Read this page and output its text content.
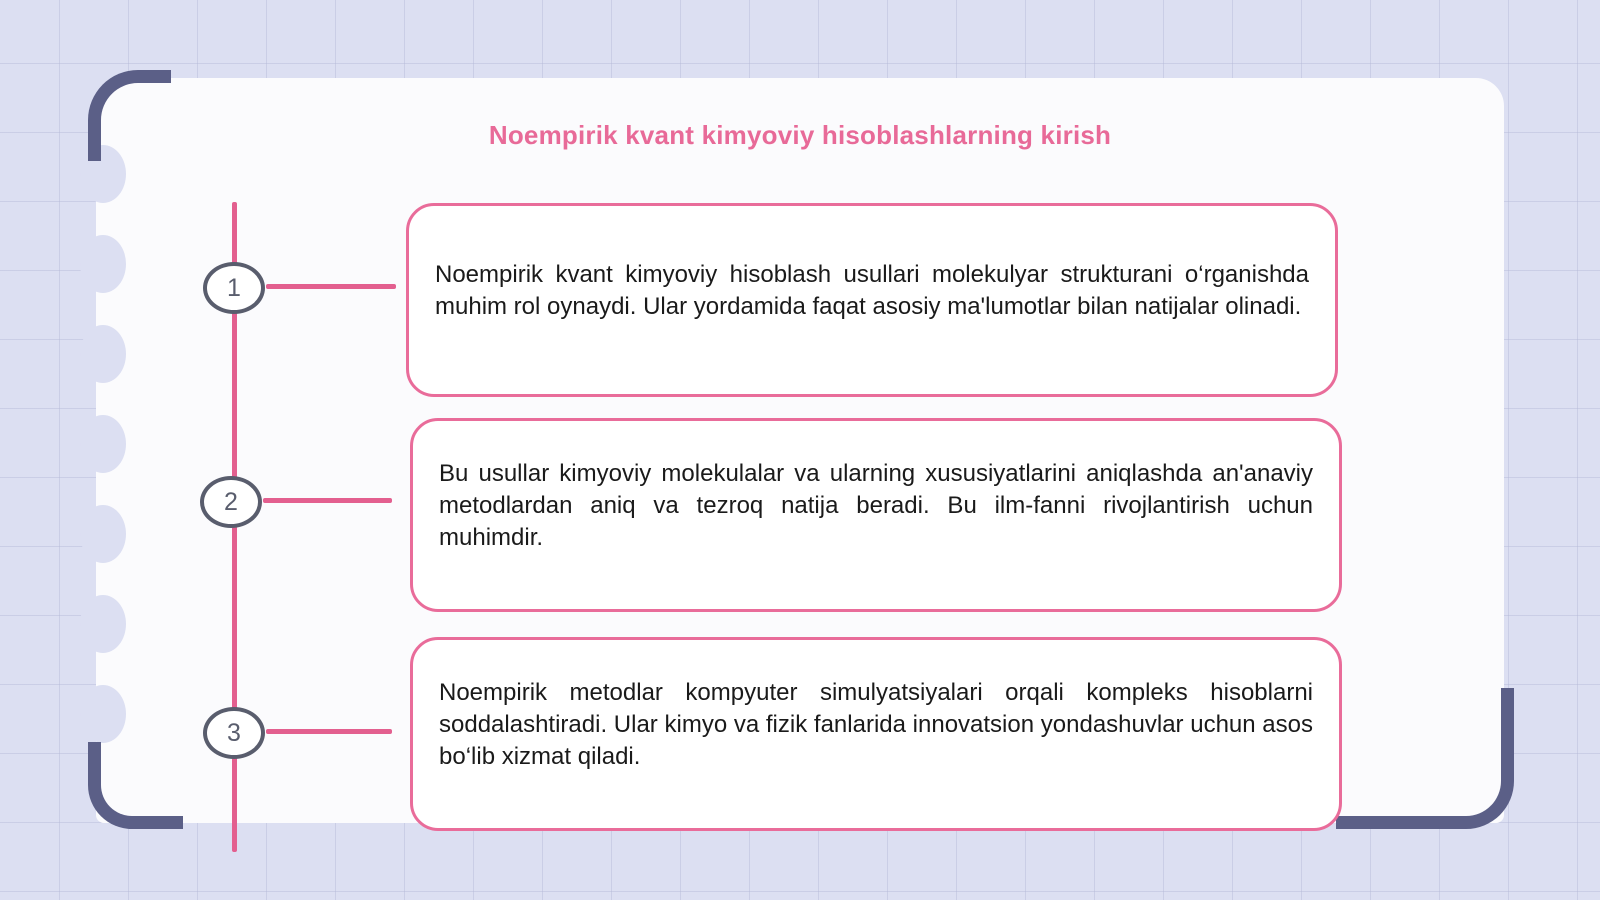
Noempirik kvant kimyoviy hisoblashlarning kirish
1	Noempirik kvant kimyoviy hisoblash usullari molekulyar strukturani o‘rganishda muhim rol oynaydi. Ular yordamida faqat asosiy ma'lumotlar bilan natijalar olinadi.
2
Bu usullar kimyoviy molekulalar va ularning xususiyatlarini aniqlashda an'anaviy metodlardan aniq va tezroq natija beradi. Bu ilm-fanni rivojlantirish uchun muhimdir.
3
Noempirik metodlar kompyuter simulyatsiyalari orqali kompleks hisoblarni soddalashtiradi. Ular kimyo va fizik fanlarida innovatsion yondashuvlar uchun asos bo‘lib xizmat qiladi.
